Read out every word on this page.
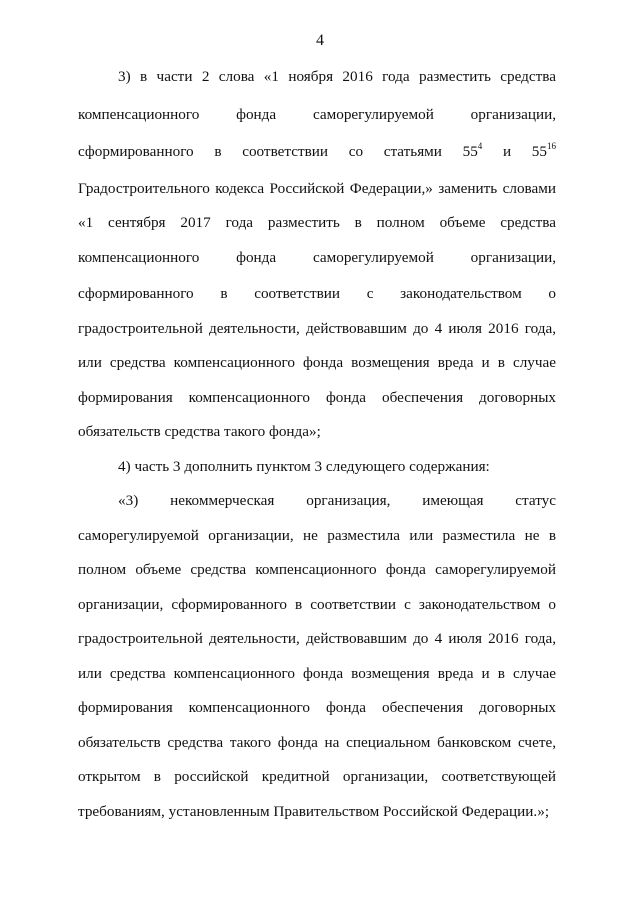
4
3) в части 2 слова «1 ноября 2016 года разместить средства
компенсационного фонда саморегулируемой организации,
сформированного в соответствии со статьями $55^4$ и $55^{16}$
Градостроительного кодекса Российской Федерации,» заменить словами
«1 сентября 2017 года разместить в полном объеме средства
компенсационного фонда саморегулируемой организации,
сформированного в соответствии с законодательством о
градостроительной деятельности, действовавшим до 4 июля 2016 года,
или средства компенсационного фонда возмещения вреда и в случае
формирования компенсационного фонда обеспечения договорных
обязательств средства такого фонда»;
4) часть 3 дополнить пунктом 3 следующего содержания:
«3) некоммерческая организация, имеющая статус
саморегулируемой организации, не разместила или разместила не в
полном объеме средства компенсационного фонда саморегулируемой
организации, сформированного в соответствии с законодательством о
градостроительной деятельности, действовавшим до 4 июля 2016 года,
или средства компенсационного фонда возмещения вреда и в случае
формирования компенсационного фонда обеспечения договорных
обязательств средства такого фонда на специальном банковском счете,
открытом в российской кредитной организации, соответствующей
требованиям, установленным Правительством Российской Федерации.»;
